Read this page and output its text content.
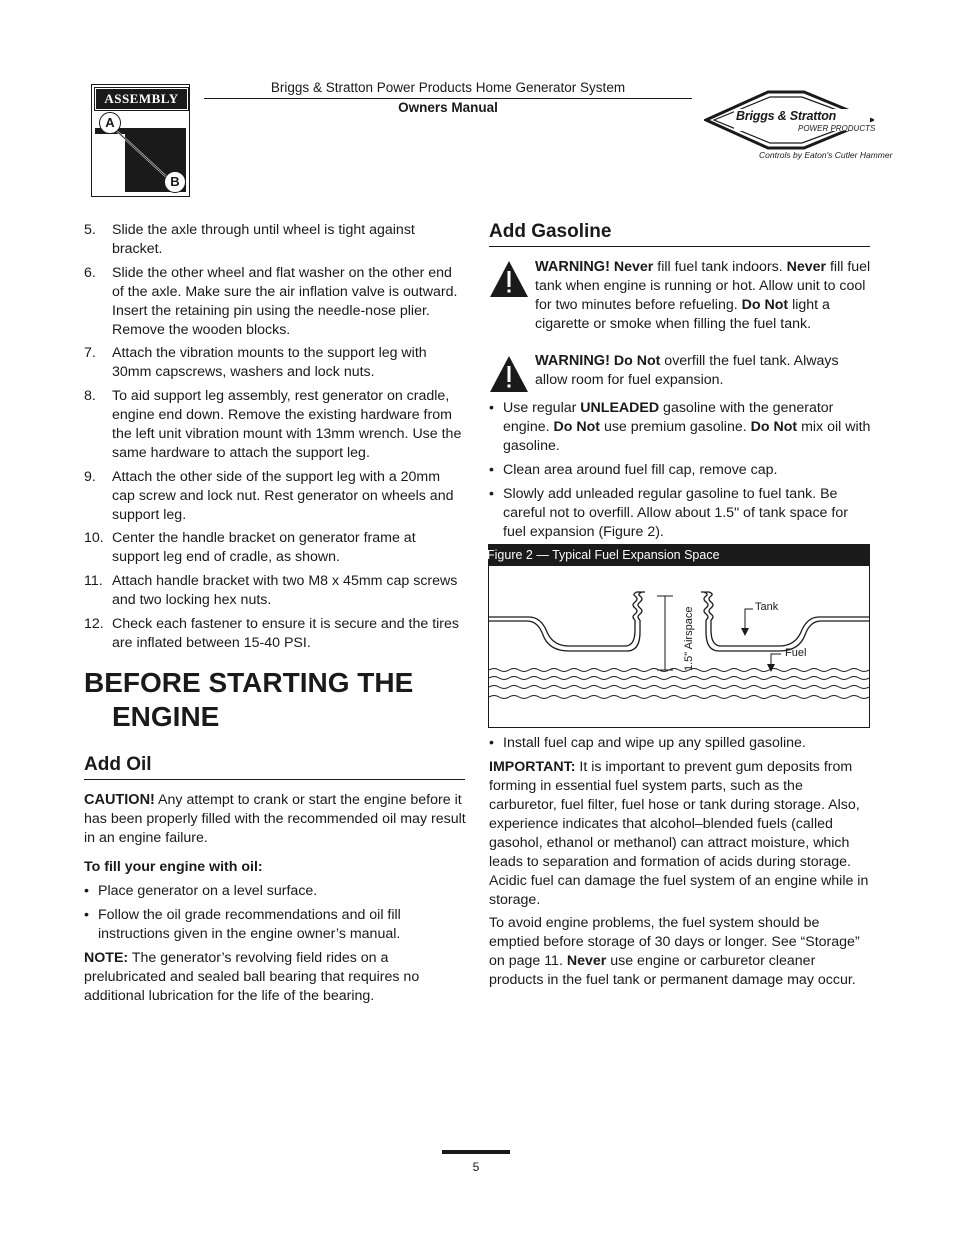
ASSEMBLY
A
B
Briggs & Stratton Power Products Home Generator System
Owners Manual
Briggs & Stratton
POWER PRODUCTS
Controls by Eaton's Cutler Hammer
5.	Slide the axle through until wheel is tight against bracket.
6.	Slide the other wheel and flat washer on the other end of the axle. Make sure the air inflation valve is outward. Insert the retaining pin using the needle-nose plier. Remove the wooden blocks.
7.	Attach the vibration mounts to the support leg with 30mm capscrews, washers and lock nuts.
8.	To aid support leg assembly, rest generator on cradle, engine end down. Remove the existing hardware from the left unit vibration mount with 13mm wrench. Use the same hardware to attach the support leg.
9.	Attach the other side of the support leg with a 20mm cap screw and lock nut. Rest generator on wheels and support leg.
10. Center the handle bracket on generator frame at support leg end of cradle, as shown.
11. Attach handle bracket with two M8 x 45mm cap screws and two locking hex nuts.
12. Check each fastener to ensure it is secure and the tires are inflated between 15-40 PSI.
BEFORE STARTING THE
ENGINE
Add Oil
CAUTION! Any attempt to crank or start the engine before it has been properly filled with the recommended oil may result in an engine failure.
To fill your engine with oil:
• Place generator on a level surface.
• Follow the oil grade recommendations and oil fill instructions given in the engine owner’s manual.
NOTE: The generator’s revolving field rides on a prelubricated and sealed ball bearing that requires no additional lubrication for the life of the bearing.
Add Gasoline
WARNING! Never fill fuel tank indoors. Never fill fuel tank when engine is running or hot. Allow unit to cool for two minutes before refueling. Do Not light a cigarette or smoke when filling the fuel tank.
WARNING! Do Not overfill the fuel tank. Always allow room for fuel expansion.
• Use regular UNLEADED gasoline with the generator engine. Do Not use premium gasoline. Do Not mix oil with gasoline.
• Clean area around fuel fill cap, remove cap.
• Slowly add unleaded regular gasoline to fuel tank. Be careful not to overfill. Allow about 1.5" of tank space for fuel expansion (Figure 2).
Figure 2 — Typical Fuel Expansion Space
Tank
Fuel
1.5" Airspace
• Install fuel cap and wipe up any spilled gasoline.
IMPORTANT: It is important to prevent gum deposits from forming in essential fuel system parts, such as the carburetor, fuel filter, fuel hose or tank during storage. Also, experience indicates that alcohol–blended fuels (called gasohol, ethanol or methanol) can attract moisture, which leads to separation and formation of acids during storage. Acidic fuel can damage the fuel system of an engine while in storage.
To avoid engine problems, the fuel system should be emptied before storage of 30 days or longer. See “Storage” on page 11. Never use engine or carburetor cleaner products in the fuel tank or permanent damage may occur.
5
